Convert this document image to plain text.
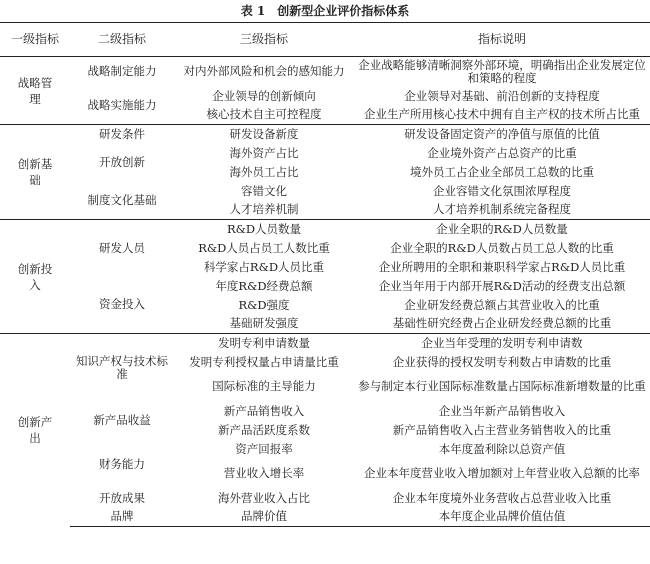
表 1　创新型企业评价指标体系
一级指标	二级指标	三级指标	指标说明
战略管理	战略制定能力	对内外部风险和机会的感知能力	企业战略能够清晰洞察外部环境，明确指出企业发展定位和策略的程度
	战略实施能力	企业领导的创新倾向	企业领导对基础、前沿创新的支持程度
		核心技术自主可控程度	企业生产所用核心技术中拥有自主产权的技术所占比重
创新基础	研发条件	研发设备新度	研发设备固定资产的净值与原值的比值
	开放创新	海外资产占比	企业境外资产占总资产的比重
		海外员工占比	境外员工占企业全部员工总数的比重
	制度文化基础	容错文化	企业容错文化氛围浓厚程度
		人才培养机制	人才培养机制系统完备程度
创新投入	研发人员	R&D人员数量	企业全职的R&D人员数量
		R&D人员占员工人数比重	企业全职的R&D人员数占员工总人数的比重
		科学家占R&D人员比重	企业所聘用的全职和兼职科学家占R&D人员比重
	资金投入	年度R&D经费总额	企业当年用于内部开展R&D活动的经费支出总额
		R&D强度	企业研发经费总额占其营业收入的比重
		基础研发强度	基础性研究经费占企业研发经费总额的比重
创新产出	知识产权与技术标准	发明专利申请数量	企业当年受理的发明专利申请数
		发明专利授权量占申请量比重	企业获得的授权发明专利数占申请数的比重
		国际标准的主导能力	参与制定本行业国际标准数量占国际标准新增数量的比重
	新产品收益	新产品销售收入	企业当年新产品销售收入
		新产品活跃度系数	新产品销售收入占主营业务销售收入的比重
	财务能力	资产回报率	本年度盈利除以总资产值
		营业收入增长率	企业本年度营业收入增加额对上年营业收入总额的比率
	开放成果	海外营业收入占比	企业本年度境外业务营收占总营业收入比重
	品牌	品牌价值	本年度企业品牌价值估值
